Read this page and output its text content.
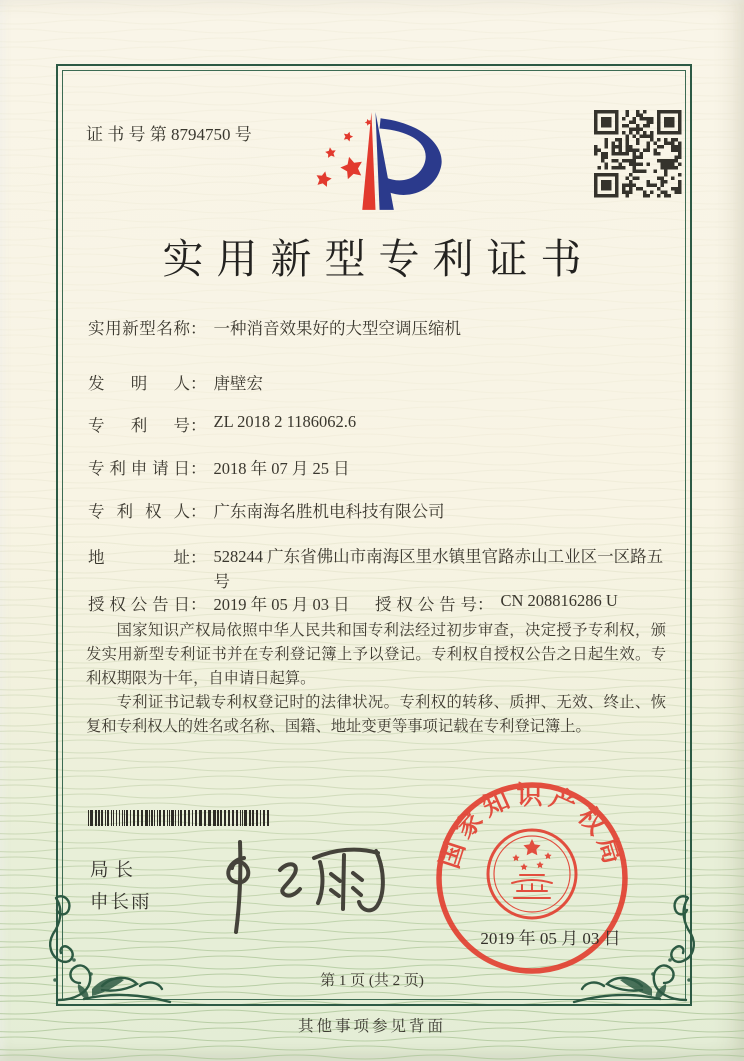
证 书 号 第 8794750 号
实用新型专利证书
实用新型名称： 一种消音效果好的大型空调压缩机
发明人： 唐壁宏
专利号： ZL 2018 2 1186062.6
专利申请日： 2018 年 07 月 25 日
专利权人： 广东南海名胜机电科技有限公司
地址： 528244 广东省佛山市南海区里水镇里官路赤山工业区一区路五号
授权公告日： 2019 年 05 月 03 日 授权公告号： CN 208816286 U

国家知识产权局依照中华人民共和国专利法经过初步审查，决定授予专利权，颁发实用新型专利证书并在专利登记簿上予以登记。专利权自授权公告之日起生效。专利权期限为十年，自申请日起算。

专利证书记载专利权登记时的法律状况。专利权的转移、质押、无效、终止、恢复和专利权人的姓名或名称、国籍、地址变更等事项记载在专利登记簿上。

局长
申长雨
国家知识产权局
2019 年 05 月 03 日
第 1 页 (共 2 页)
其他事项参见背面
